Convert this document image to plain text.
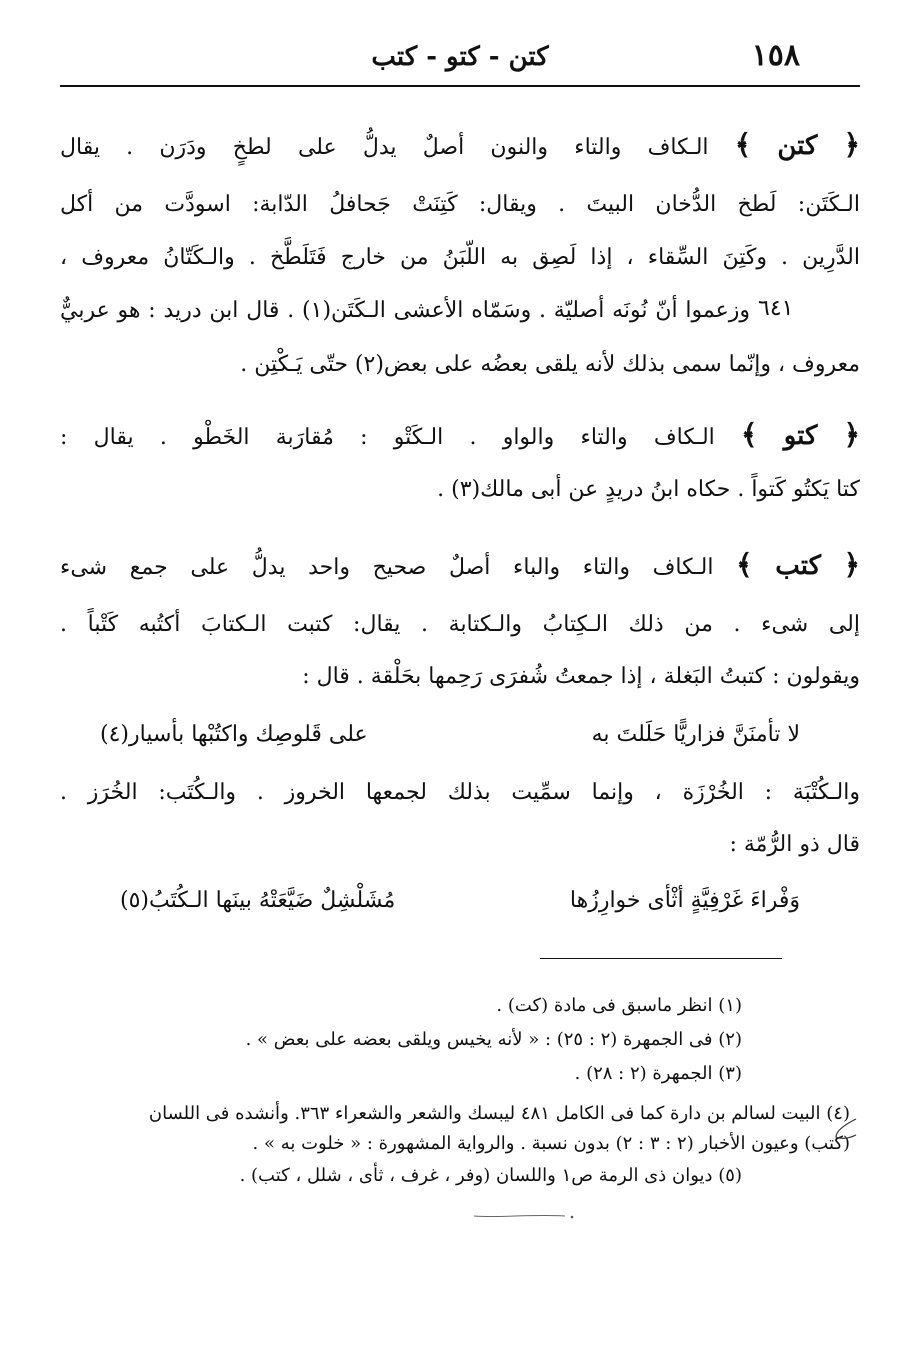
كتن - كتو - كتب	١٥٨
﴿ كتن ﴾ الـكاف والتاء والنون أصلٌ يدلُّ على لطخٍ ودَرَن . يقال
الـكَتَن: لَطخ الدُّخان البيتَ . ويقال: كَتِنَتْ جَحافلُ الدّابة: اسودَّت من أكل
الدَّرِين . وكَتِنَ السِّقاء ، إذا لَصِق به اللّبَنُ من خارج فَتَلَطَّخ . والـكَتّانُ معروف ،
وزعموا أنّ نُونَه أصليّة . وسَمّاه الأعشى الـكَتَن(١) . قال ابن دريد : هو عربيٌّ ٦٤١
معروف ، وإنّما سمى بذلك لأنه يلقى بعضُه على بعض(٢) حتّى يَـكْتِن .
﴿ كتو ﴾ الـكاف والتاء والواو . الـكَتْو : مُقارَبة الخَطْو . يقال :
كتا يَكتُو كَتواً . حكاه ابنُ دريدٍ عن أبى مالك(٣) .
﴿ كتب ﴾ الـكاف والتاء والباء أصلٌ صحيح واحد يدلُّ على جمع شىء
إلى شىء . من ذلك الـكِتابُ والـكتابة . يقال: كتبت الـكتابَ أكتُبه كَتْباً .
ويقولون : كتبتُ البَغلة ، إذا جمعتُ شُفرَى رَحِمها بحَلْقة . قال :
لا تأمنَنَّ فزاريًّا حَلَلتَ به
على قَلوصِك واكتُبْها بأسيار(٤)
والـكُتْبَة : الخُرْزَة ، وإنما سمِّيت بذلك لجمعها الخروز . والـكُتَب: الخُرَز .
قال ذو الرُّمّة :
وَفْراءَ غَرْفِيَّةٍ أثْأى خوارِزُها
مُشَلْشِلٌ ضَيَّعَتْهُ بينَها الـكُتَبُ(٥)
(١) انظر ماسبق فى مادة (كت) .
(٢) فى الجمهرة (٢ : ٢٥) : « لأنه يخيس ويلقى بعضه على بعض » .
(٣) الجمهرة (٢ : ٢٨) .
(٤) البيت لسالم بن دارة كما فى الكامل ٤٨١ ليبسك والشعر والشعراء ٣٦٣. وأنشده فى اللسان
(كتب) وعيون الأخبار (٢ : ٣ : ٢) بدون نسبة . والرواية المشهورة : « خلوت به » .
(٥) ديوان ذى الرمة ص١ واللسان (وفر ، غرف ، ثأى ، شلل ، كتب) .
